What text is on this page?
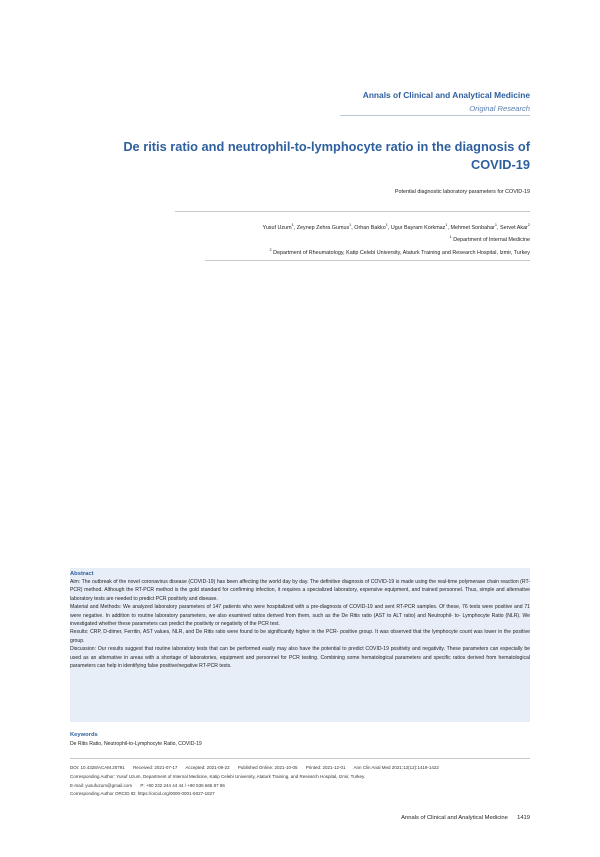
Annals of Clinical and Analytical Medicine
Original Research
De ritis ratio and neutrophil-to-lymphocyte ratio in the diagnosis of
COVID-19
Potential diagnostic laboratory parameters for COVID-19
Yusuf Uzum$^1$, Zeynep Zehra Gumus$^1$, Orhan Bakko$^1$, Ugur Bayram Korkmaz$^1$, Mehmet Sonbahar$^1$, Servet Akar$^2$
$^1$ Department of Internal Medicine
$^2$ Department of Rheumatology, Katip Celebi University, Ataturk Training and Research Hospital, Izmir, Turkey
Abstract

Aim: The outbreak of the novel coronavirus disease (COVID-19) has been affecting the world day by day. The definitive diagnosis of COVID-19 is made using the real-time polymerase chain reaction (RT-PCR) method. Although the RT-PCR method is the gold standard for confirming infection, it requires a specialized laboratory, expensive equipment, and trained personnel. Thus, simple and alternative laboratory tests are needed to predict PCR positivity and disease.

Material and Methods: We analyzed laboratory parameters of 147 patients who were hospitalized with a pre-diagnosis of COVID-19 and sent RT-PCR samples. Of these, 76 tests were positive and 71 were negative. In addition to routine laboratory parameters, we also examined ratios derived from them, such as the De Ritis ratio (AST to ALT ratio) and Neutrophil- to- Lymphocyte Ratio (NLR). We investigated whether these parameters can predict the positivity or negativity of the PCR test.

Results: CRP, D-dimer, Ferritin, AST values, NLR, and De Ritis ratio were found to be significantly higher in the PCR- positive group. It was observed that the lymphocyte count was lower in the positive group.

Discussion: Our results suggest that routine laboratory tests that can be performed easily may also have the potential to predict COVID-19 positivity and negativity. These parameters can especially be used as an alternative in areas with a shortage of laboratories, equipment and personnel for PCR testing. Combining some hematological parameters and specific ratios derived from hematological parameters can help in identifying false positive/negative RT-PCR tests.

Keywords
De Ritis Ratio, Neutrophil-to-Lymphocyte Ratio, COVID-19
DOI: 10.4328/ACAM.20791 Received: 2021-07-17 Accepted: 2021-09-22 Published Online: 2021-10-05 Printed: 2021-12-01 Ann Clin Anal Med 2021;12(12):1419-1422
Corresponding Author: Yusuf Uzum, Department of Internal Medicine, Katip Celebi University, Ataturk Training, and Research Hospital, Izmir, Turkey.
E-mail: yusufuzum@gmail.com P: +90 232 244 44 44 / +90 536 665 87 86
Corresponding Author ORCID ID: https://orcid.org/0000-0001-5027-1827
Annals of Clinical and Analytical Medicine 1419
